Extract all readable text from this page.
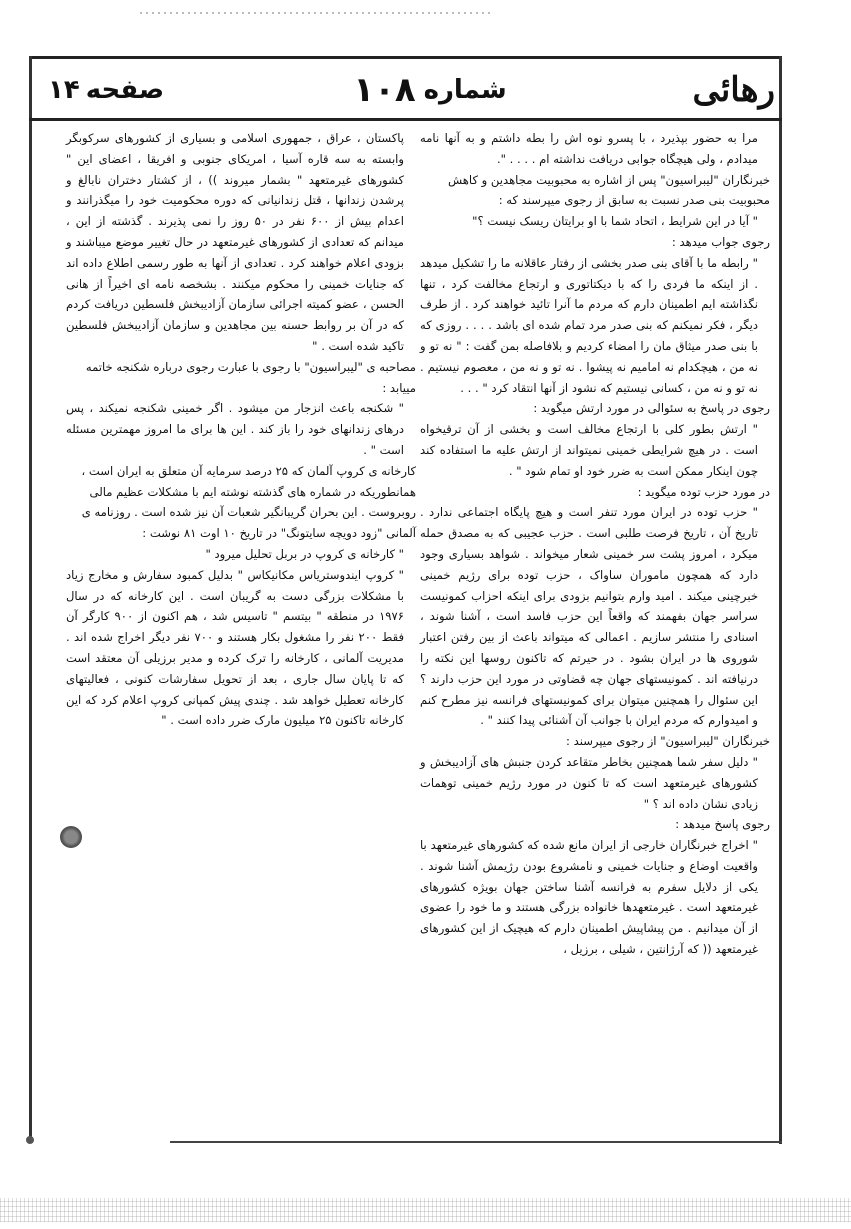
رهائی
شماره
۱۰۸
صفحه
۱۴

مرا به حضور بپذیرد ، با پسرو نوه اش را بطه داشتم و به آنها نامه میدادم ، ولی هیچگاه جوابی دریافت نداشته ام . . . . ".

خبرنگاران "لیبراسیون" پس از اشاره به محبوبیت مجاهدین و کاهش محبوبیت بنی صدر نسبت به سابق از رجوی میپرسند که :

" آیا در این شرایط ، اتحاد شما با او برایتان ریسک نیست ؟"

رجوی جواب میدهد :

" رابطه ما با آقای بنی صدر بخشی از رفتار عاقلانه ما را تشکیل میدهد . از اینکه ما فردی را که با دیکتاتوری و ارتجاع مخالفت کرد ، تنها نگذاشته ایم اطمینان دارم که مردم ما آنرا تائید خواهند کرد . از طرف دیگر ، فکر نمیکنم که بنی صدر مرد تمام شده ای باشد . . . . روزی که با بنی صدر میثاق مان را امضاء کردیم و بلافاصله بمن گفت : " نه تو و نه من ، هیچکدام نه امامیم نه پیشوا . نه تو و نه من ، معصوم نیستیم . نه تو و نه من ، کسانی نیستیم که نشود از آنها انتقاد کرد " . . .

رجوی در پاسخ به سئوالی در مورد ارتش میگوید :

" ارتش بطور کلی با ارتجاع مخالف است و بخشی از آن ترقیخواه است . در هیچ شرایطی خمینی نمیتواند از ارتش علیه ما استفاده کند چون اینکار ممکن است به ضرر خود او تمام شود " .

در مورد حزب توده میگوید :

" حزب توده در ایران مورد تنفر است و هیچ پایگاه اجتماعی ندارد . تاریخ آن ، تاریخ فرصت طلبی است . حزب عجیبی که به مصدق حمله میکرد ، امروز پشت سر خمینی شعار میخواند . شواهد بسیاری وجود دارد که همچون ماموران ساواک ، حزب توده برای رژیم خمینی خبرچینی میکند . امید وارم بتوانیم بزودی برای اینکه احزاب کمونیست سراسر جهان بفهمند که واقعاً این حزب فاسد است ، آشنا شوند ، اسنادی را منتشر سازیم . اعمالی که میتواند باعث از بین رفتن اعتبار شوروی ها در ایران بشود . در حیرتم که تاکنون روسها این نکته را درنیافته اند . کمونیستهای جهان چه قضاوتی در مورد این حزب دارند ؟ این سئوال را همچنین میتوان برای کمونیستهای فرانسه نیز مطرح کنم و امیدوارم که مردم ایران با جوانب آن آشنائی پیدا کنند " .

خبرنگاران "لیبراسیون" از رجوی میپرسند :

" دلیل سفر شما همچنین بخاطر متقاعد کردن جنبش های آزادیبخش و کشورهای غیرمتعهد است که تا کنون در مورد رژیم خمینی توهمات زیادی نشان داده اند ؟ "

رجوی پاسخ میدهد :

" اخراج خبرنگاران خارجی از ایران مانع شده که کشورهای غیرمتعهد با واقعیت اوضاع و جنایات خمینی و نامشروع بودن رژیمش آشنا شوند . یکی از دلایل سفرم به فرانسه آشنا ساختن جهان بویژه کشورهای غیرمتعهد است . غیرمتعهدها خانواده بزرگی هستند و ما خود را عضوی از آن میدانیم . من پیشاپیش اطمینان دارم که هیچیک از این کشورهای غیرمتعهد (( که آرژانتین ، شیلی ، برزیل ،

پاکستان ، عراق ، جمهوری اسلامی و بسیاری از کشورهای سرکوبگر وابسته به سه قاره آسیا ، امریکای جنوبی و افریقا ، اعضای این " کشورهای غیرمتعهد " بشمار میروند )) ، از کشتار دختران نابالغ و پرشدن زندانها ، قتل زندانیانی که دوره محکومیت خود را میگذرانند و اعدام بیش از ۶۰۰ نفر در ۵۰ روز را نمی پذیرند . گذشته از این ، میدانم که تعدادی از کشورهای غیرمتعهد در حال تغییر موضع میباشند و بزودی اعلام خواهند کرد . تعدادی از آنها به طور رسمی اطلاع داده اند که جنایات خمینی را محکوم میکنند . بشخصه نامه ای اخیراً از هانی الحسن ، عضو کمیته اجرائی سازمان آزادیبخش فلسطین دریافت کردم که در آن بر روابط حسنه بین مجاهدین و سازمان آزادیبخش فلسطین تاکید شده است . "

مصاحبه ی "لیبراسیون" با رجوی با عبارت رجوی درباره شکنجه خاتمه مییابد :

" شکنجه باعث انزجار من میشود . اگر خمینی شکنجه نمیکند ، پس درهای زندانهای خود را باز کند . این ها برای ما امروز مهمترین مسئله است " .

کارخانه ی کروپ آلمان که ۲۵ درصد سرمایه آن متعلق به ایران است ، همانطوریکه در شماره های گذشته نوشته ایم با مشکلات عظیم مالی روبروست . این بحران گریبانگیر شعبات آن نیز شده است . روزنامه ی آلمانی "زود دویچه سایتونگ" در تاریخ ۱۰ اوت ۸۱ نوشت :

" کارخانه ی کروپ در بربل تحلیل میرود "

" کروپ ایندوستریاس مکانیکاس " بدلیل کمبود سفارش و مخارج زیاد با مشکلات بزرگی دست به گریبان است . این کارخانه که در سال ۱۹۷۶ در منطقه " بیتسم " تاسیس شد ، هم اکنون از ۹۰۰ کارگر آن فقط ۲۰۰ نفر را مشغول بکار هستند و ۷۰۰ نفر دیگر اخراج شده اند . مدیریت آلمانی ، کارخانه را ترک کرده و مدیر برزیلی آن معتقد است که تا پایان سال جاری ، بعد از تحویل سفارشات کنونی ، فعالیتهای کارخانه تعطیل خواهد شد . چندی پیش کمپانی کروپ اعلام کرد که این کارخانه تاکنون ۲۵ میلیون مارک ضرر داده است . "
